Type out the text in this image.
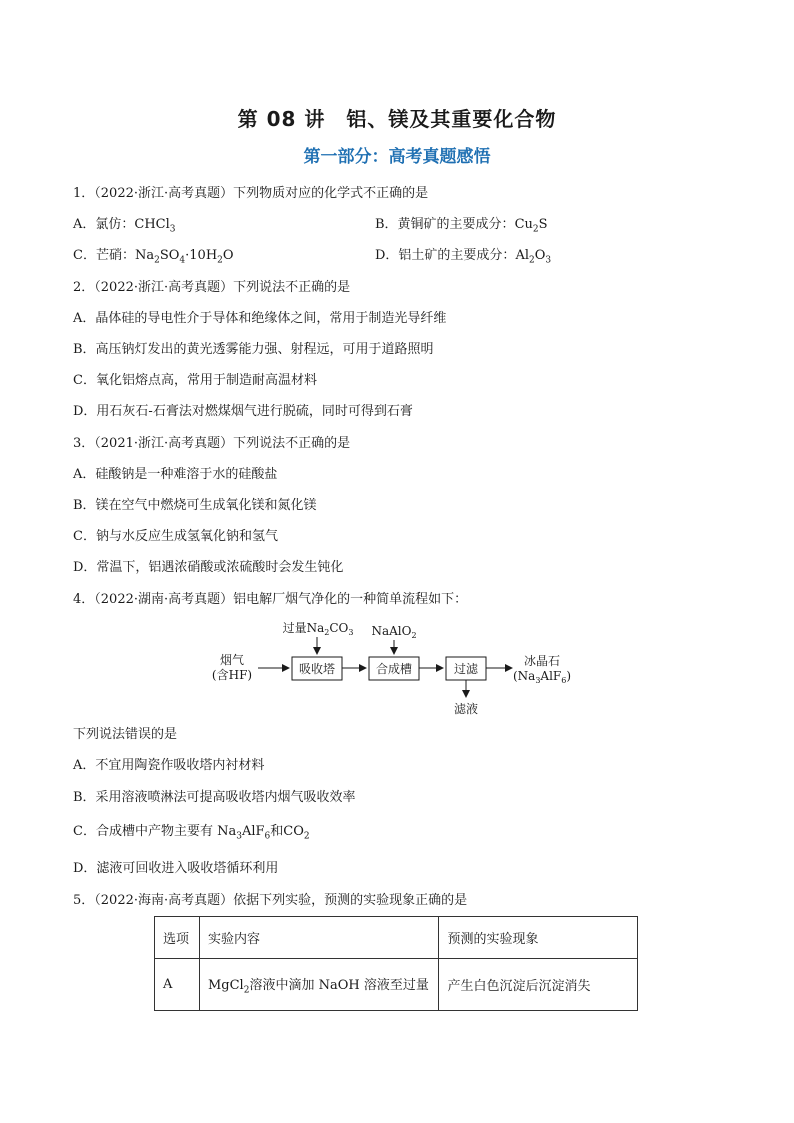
第 08 讲　铝、镁及其重要化合物
第一部分：高考真题感悟
1．（2022·浙江·高考真题）下列物质对应的化学式不正确的是
A．氯仿：CHCl$_3$	B．黄铜矿的主要成分：$Cu_2S$
C．芒硝：$Na_2SO_4\cdot 10H_2O$	D．铝土矿的主要成分：$Al_2O_3$
2．（2022·浙江·高考真题）下列说法不正确的是
A．晶体硅的导电性介于导体和绝缘体之间，常用于制造光导纤维
B．高压钠灯发出的黄光透雾能力强、射程远，可用于道路照明
C．氧化铝熔点高，常用于制造耐高温材料
D．用石灰石-石膏法对燃煤烟气进行脱硫，同时可得到石膏
3．（2021·浙江·高考真题）下列说法不正确的是
A．硅酸钠是一种难溶于水的硅酸盐
B．镁在空气中燃烧可生成氧化镁和氮化镁
C．钠与水反应生成氢氧化钠和氢气
D．常温下，铝遇浓硝酸或浓硫酸时会发生钝化
4．（2022·湖南·高考真题）铝电解厂烟气净化的一种简单流程如下：
烟气
(含HF)	吸收塔
过量$Na_2CO_3$
合成槽
NaAlO$_2$
过滤
冰晶石
$(Na_3AlF_6)$
滤液
下列说法错误的是
A．不宜用陶瓷作吸收塔内衬材料
B．采用溶液喷淋法可提高吸收塔内烟气吸收效率
C．合成槽中产物主要有 $Na_3AlF_6$和$CO_2$
D．滤液可回收进入吸收塔循环利用
5．（2022·海南·高考真题）依据下列实验，预测的实验现象正确的是
选项	实验内容	预测的实验现象
A	MgCl$_2$溶液中滴加 NaOH 溶液至过量	产生白色沉淀后沉淀消失
